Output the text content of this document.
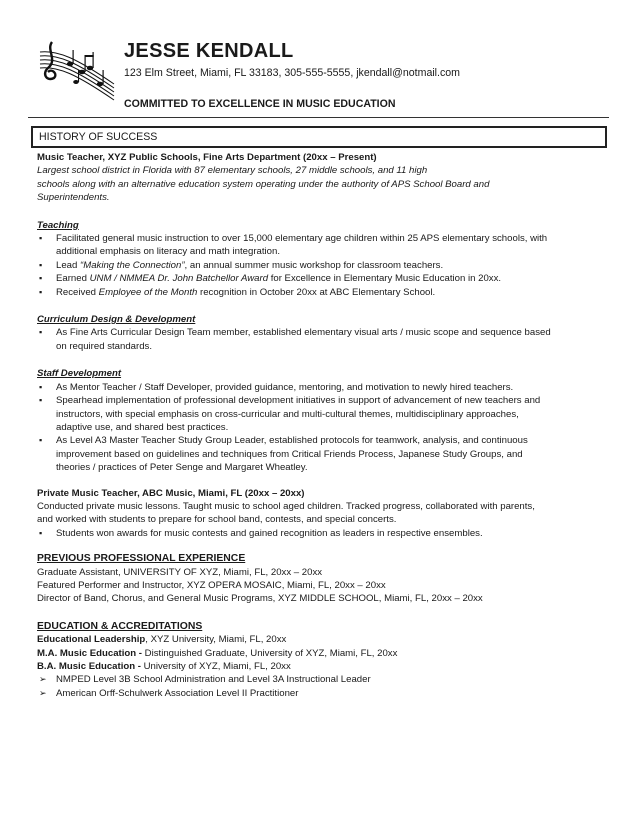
JESSE KENDALL
123 Elm Street, Miami, FL 33183, 305-555-5555, jkendall@notmail.com
COMMITTED TO EXCELLENCE IN MUSIC EDUCATION
HISTORY OF SUCCESS
Music Teacher, XYZ Public Schools, Fine Arts Department (20xx – Present)
Largest school district in Florida with 87 elementary schools, 27 middle schools, and 11 high
schools along with an alternative education system operating under the authority of APS School Board and
Superintendents.
Teaching
▪ Facilitated general music instruction to over 15,000 elementary age children within 25 APS elementary schools, with
additional emphasis on literacy and math integration.
▪ Lead “Making the Connection”, an annual summer music workshop for classroom teachers.
▪ Earned UNM / NMMEA Dr. John Batchellor Award for Excellence in Elementary Music Education in 20xx.
▪ Received Employee of the Month recognition in October 20xx at ABC Elementary School.
Curriculum Design & Development
▪ As Fine Arts Curricular Design Team member, established elementary visual arts / music scope and sequence based
on required standards.
Staff Development
▪ As Mentor Teacher / Staff Developer, provided guidance, mentoring, and motivation to newly hired teachers.
▪ Spearhead implementation of professional development initiatives in support of advancement of new teachers and
instructors, with special emphasis on cross-curricular and multi-cultural themes, multidisciplinary approaches,
adaptive use, and shared best practices.
▪ As Level A3 Master Teacher Study Group Leader, established protocols for teamwork, analysis, and continuous
improvement based on guidelines and techniques from Critical Friends Process, Japanese Study Groups, and
theories / practices of Peter Senge and Margaret Wheatley.
Private Music Teacher, ABC Music, Miami, FL (20xx – 20xx)
Conducted private music lessons. Taught music to school aged children. Tracked progress, collaborated with parents,
and worked with students to prepare for school band, contests, and special concerts.
▪ Students won awards for music contests and gained recognition as leaders in respective ensembles.
PREVIOUS PROFESSIONAL EXPERIENCE
Graduate Assistant, UNIVERSITY OF XYZ, Miami, FL, 20xx – 20xx
Featured Performer and Instructor, XYZ OPERA MOSAIC, Miami, FL, 20xx – 20xx
Director of Band, Chorus, and General Music Programs, XYZ MIDDLE SCHOOL, Miami, FL, 20xx – 20xx
EDUCATION & ACCREDITATIONS
Educational Leadership, XYZ University, Miami, FL, 20xx
M.A. Music Education - Distinguished Graduate, University of XYZ, Miami, FL, 20xx
B.A. Music Education - University of XYZ, Miami, FL, 20xx
➢ NMPED Level 3B School Administration and Level 3A Instructional Leader
➢ American Orff-Schulwerk Association Level II Practitioner
